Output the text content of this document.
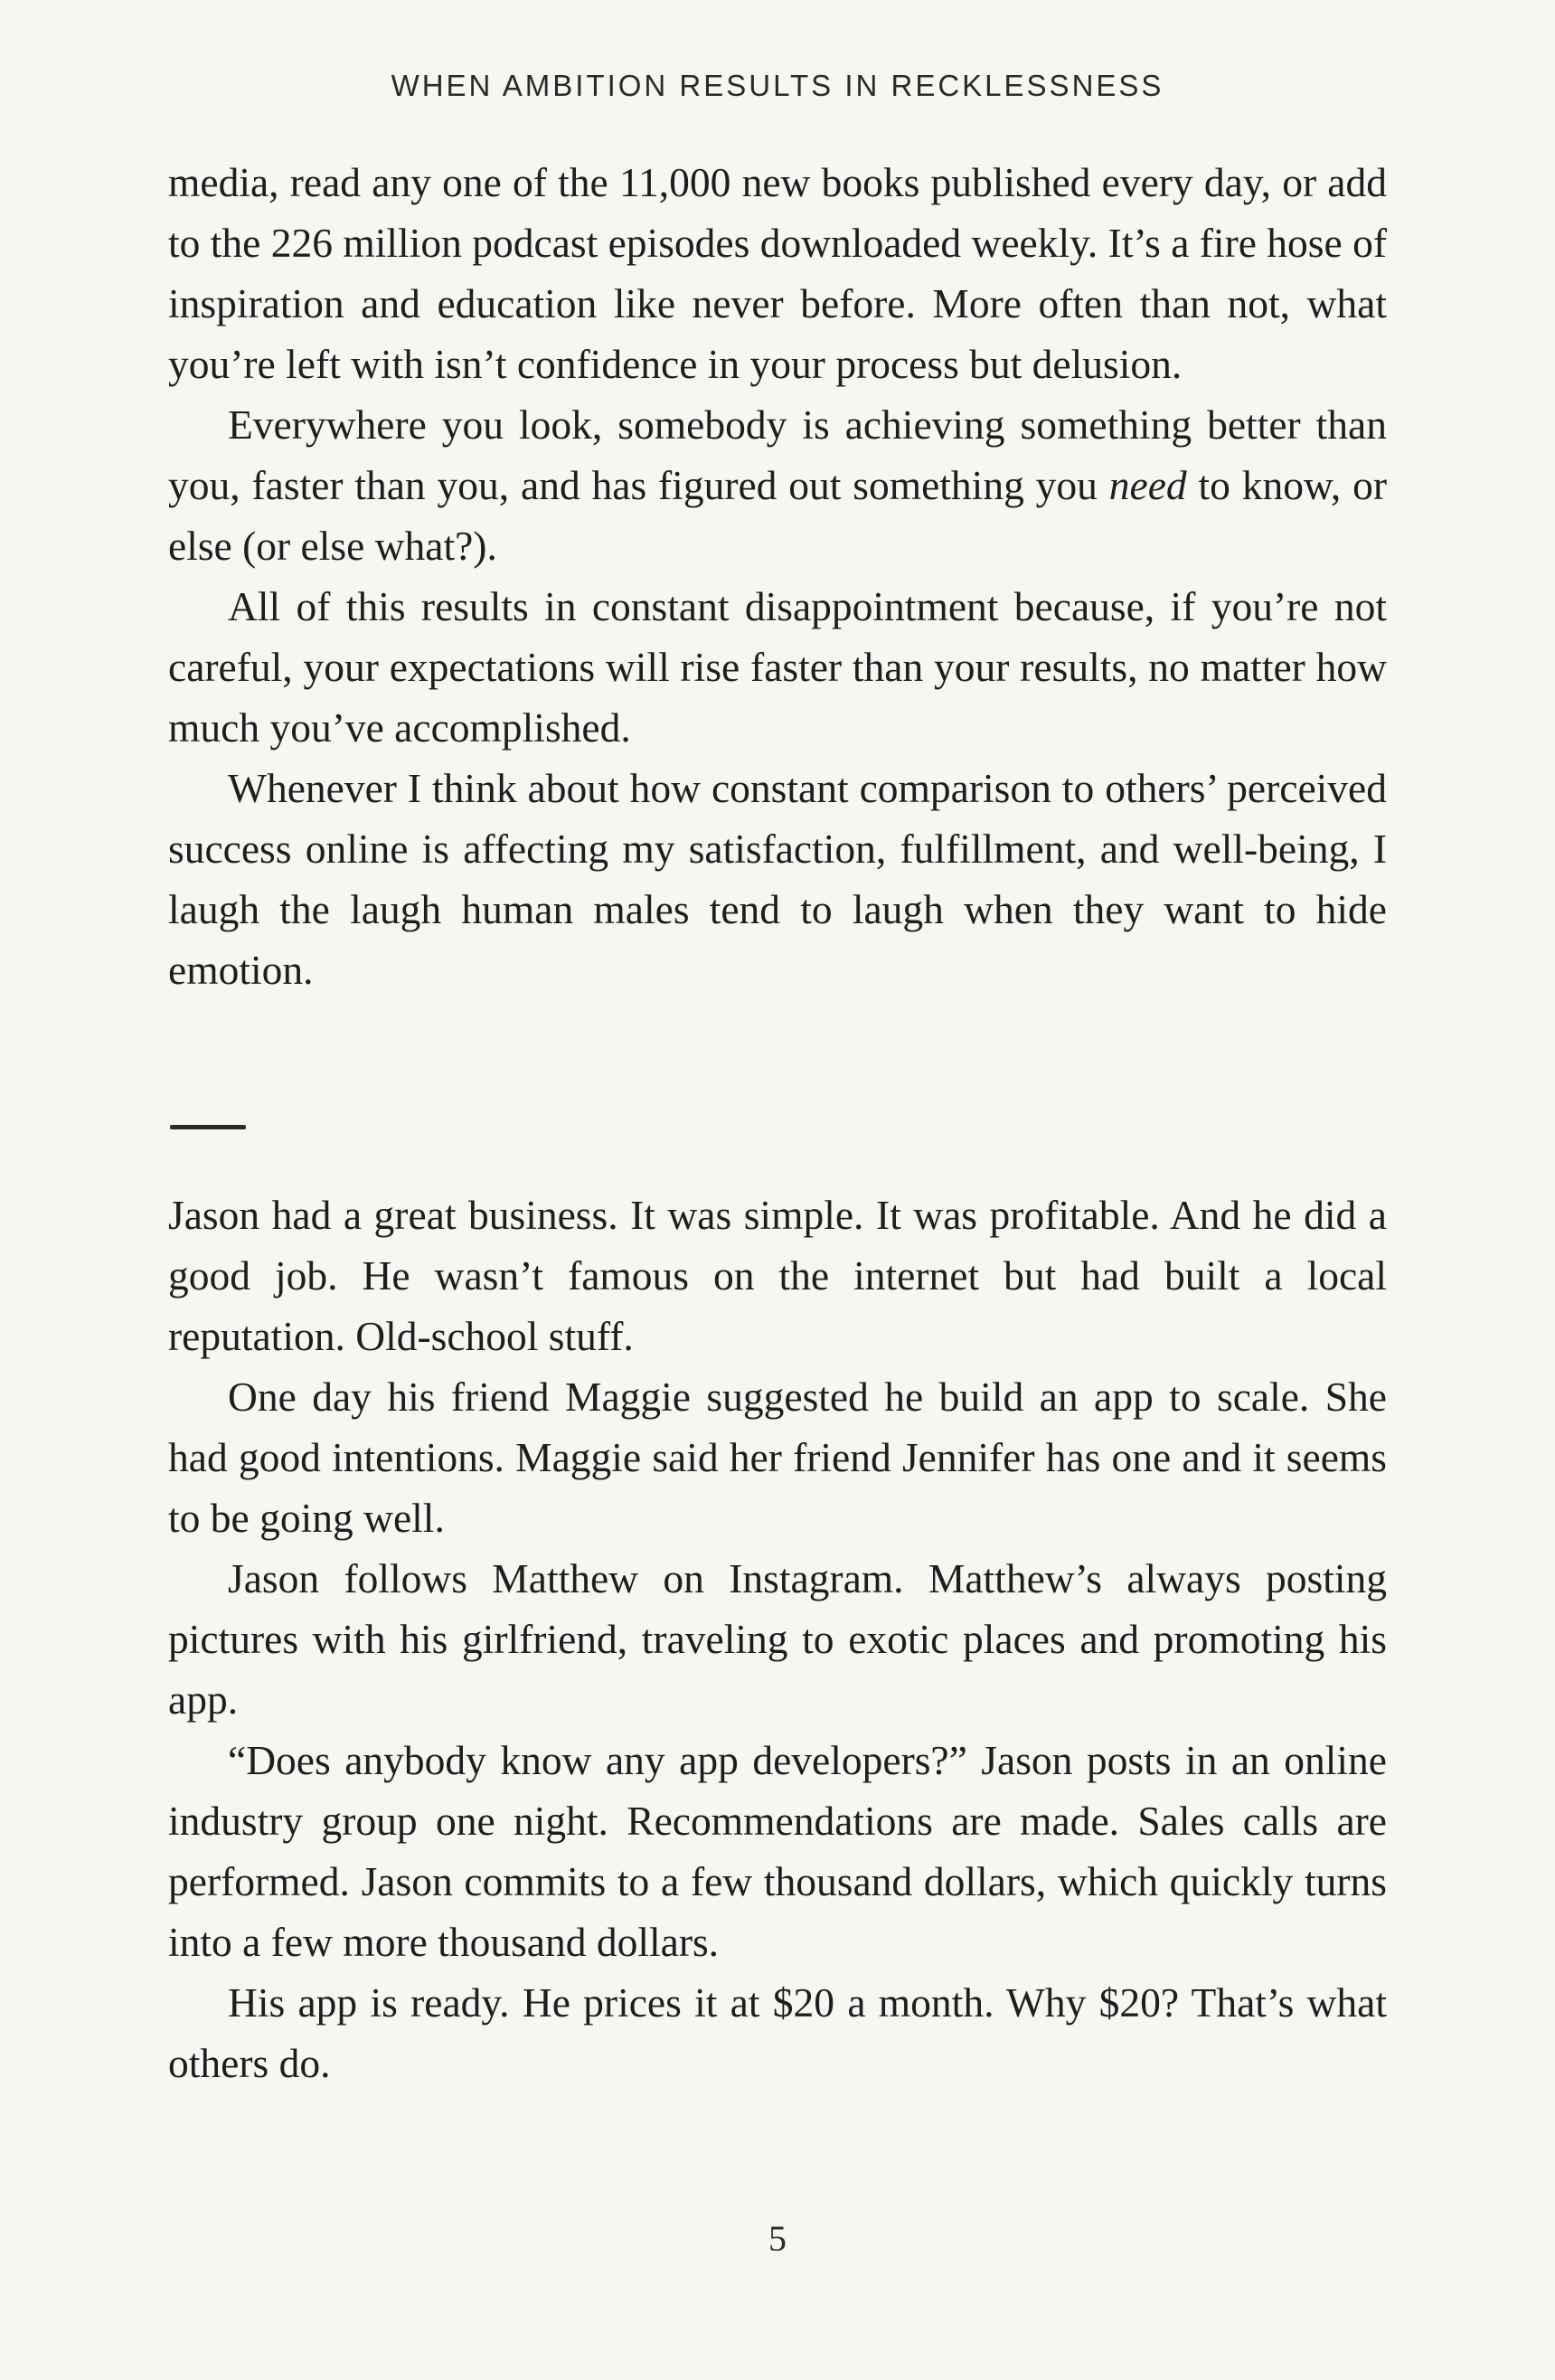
WHEN AMBITION RESULTS IN RECKLESSNESS

media, read any one of the 11,000 new books published every day, or add to the 226 million podcast episodes downloaded weekly. It’s a fire hose of inspiration and education like never before. More often than not, what you’re left with isn’t confidence in your process but delusion.

Everywhere you look, somebody is achieving something better than you, faster than you, and has figured out something you need to know, or else (or else what?).

All of this results in constant disappointment because, if you’re not careful, your expectations will rise faster than your results, no matter how much you’ve accomplished.

Whenever I think about how constant comparison to others’ perceived success online is affecting my satisfaction, fulfillment, and well-being, I laugh the laugh human males tend to laugh when they want to hide emotion.

Jason had a great business. It was simple. It was profitable. And he did a good job. He wasn’t famous on the internet but had built a local reputation. Old-school stuff.

One day his friend Maggie suggested he build an app to scale. She had good intentions. Maggie said her friend Jennifer has one and it seems to be going well.

Jason follows Matthew on Instagram. Matthew’s always posting pictures with his girlfriend, traveling to exotic places and promoting his app.

“Does anybody know any app developers?” Jason posts in an online industry group one night. Recommendations are made. Sales calls are performed. Jason commits to a few thousand dollars, which quickly turns into a few more thousand dollars.

His app is ready. He prices it at $20 a month. Why $20? That’s what others do.

5
